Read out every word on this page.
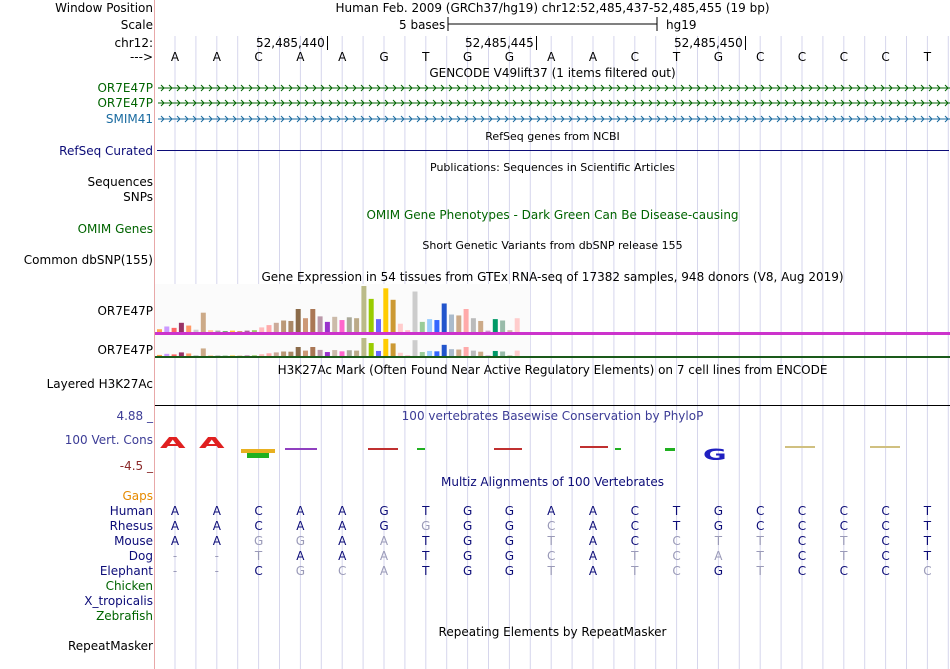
Window Position	Human Feb. 2009 (GRCh37/hg19) chr12:52,485,437-52,485,455 (19 bp)
Scale	5 bases	hg19
chr12:	52,485,440	52,485,445	52,485,450
---> A	A	C	A	A	G	T	G	G	A	A	C	T	G	C	C	C	C	T
GENCODE V49lift37 (1 items filtered out)
OR7E47P
OR7E47P
SMIM41
RefSeq genes from NCBI
RefSeq Curated
Publications: Sequences in Scientific Articles
Sequences
SNPs
OMIM Gene Phenotypes - Dark Green Can Be Disease-causing
OMIM Genes
Short Genetic Variants from dbSNP release 155
Common dbSNP(155)
Gene Expression in 54 tissues from GTEx RNA-seq of 17382 samples, 948 donors (V8, Aug 2019)
OR7E47P
OR7E47P
H3K27Ac Mark (Often Found Near Active Regulatory Elements) on 7 cell lines from ENCODE
Layered H3K27Ac
100 vertebrates Basewise Conservation by PhyloP
4.88 _
100 Vert. Cons
-4.5 _
A A
G
Multiz Alignments of 100 Vertebrates
Gaps
Human A	A	C	A	A	G	T	G	G	A	A	C	T	G	C	C	C	C	T
Rhesus A	A	C	A	A	G	G	G	G	C	A	C	T	G	C	C	C	C	T
Mouse A	A	G	G	A	A	T	G	G	T	A	C	C	T	T	C	T	C	T
Dog	-	-	T	A	A	A	T	G	G	C	A	T	C	A	T	C	T	C	T
Elephant	-	-	C	G	C	A	T	G	G	T	A	T	C	G	T	C	C	C	C
Chicken
X_tropicalis
Zebrafish
Repeating Elements by RepeatMasker
RepeatMasker
